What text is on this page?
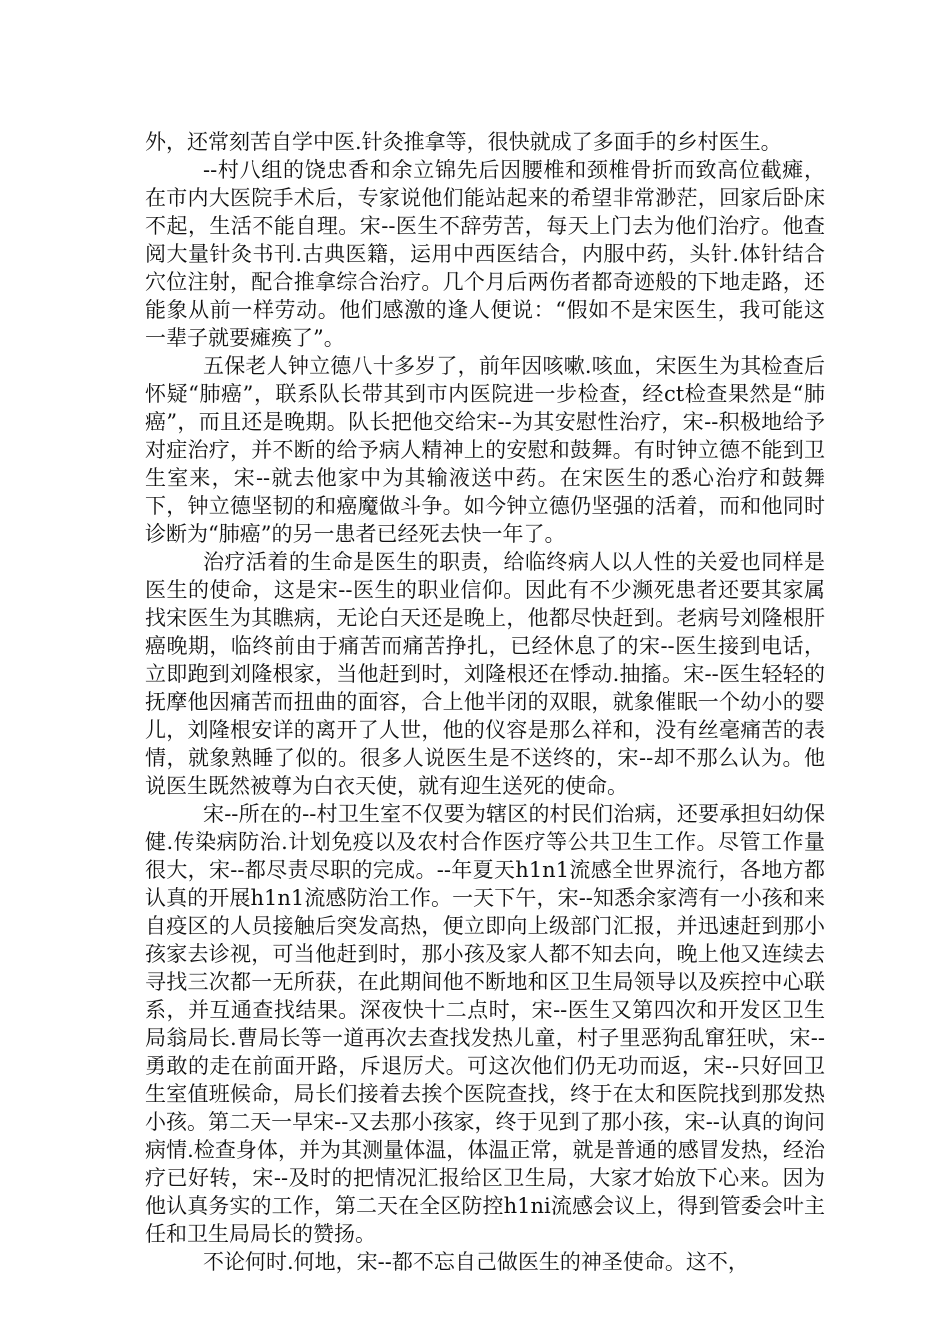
外，还常刻苦自学中医.针灸推拿等，很快就成了多面手的乡村医生。

--村八组的饶忠香和余立锦先后因腰椎和颈椎骨折而致高位截瘫，在市内大医院手术后，专家说他们能站起来的希望非常渺茫，回家后卧床不起，生活不能自理。宋--医生不辞劳苦，每天上门去为他们治疗。他查阅大量针灸书刊.古典医籍，运用中西医结合，内服中药，头针.体针结合穴位注射，配合推拿综合治疗。几个月后两伤者都奇迹般的下地走路，还能象从前一样劳动。他们感激的逢人便说：“假如不是宋医生，我可能这一辈子就要瘫痪了”。

五保老人钟立德八十多岁了，前年因咳嗽.咳血，宋医生为其检查后怀疑“肺癌”，联系队长带其到市内医院进一步检查，经ct检查果然是“肺癌”，而且还是晚期。队长把他交给宋--为其安慰性治疗，宋--积极地给予对症治疗，并不断的给予病人精神上的安慰和鼓舞。有时钟立德不能到卫生室来，宋--就去他家中为其输液送中药。在宋医生的悉心治疗和鼓舞下，钟立德坚韧的和癌魔做斗争。如今钟立德仍坚强的活着，而和他同时诊断为“肺癌”的另一患者已经死去快一年了。

治疗活着的生命是医生的职责，给临终病人以人性的关爱也同样是医生的使命，这是宋--医生的职业信仰。因此有不少濒死患者还要其家属找宋医生为其瞧病，无论白天还是晚上，他都尽快赶到。老病号刘隆根肝癌晚期，临终前由于痛苦而痛苦挣扎，已经休息了的宋--医生接到电话，立即跑到刘隆根家，当他赶到时，刘隆根还在悸动.抽搐。宋--医生轻轻的抚摩他因痛苦而扭曲的面容，合上他半闭的双眼，就象催眠一个幼小的婴儿，刘隆根安详的离开了人世，他的仪容是那么祥和，没有丝毫痛苦的表情，就象熟睡了似的。很多人说医生是不送终的，宋--却不那么认为。他说医生既然被尊为白衣天使，就有迎生送死的使命。

宋--所在的--村卫生室不仅要为辖区的村民们治病，还要承担妇幼保健.传染病防治.计划免疫以及农村合作医疗等公共卫生工作。尽管工作量很大，宋--都尽责尽职的完成。--年夏天h1n1流感全世界流行，各地方都认真的开展h1n1流感防治工作。一天下午，宋--知悉余家湾有一小孩和来自疫区的人员接触后突发高热，便立即向上级部门汇报，并迅速赶到那小孩家去诊视，可当他赶到时，那小孩及家人都不知去向，晚上他又连续去寻找三次都一无所获，在此期间他不断地和区卫生局领导以及疾控中心联系，并互通查找结果。深夜快十二点时，宋--医生又第四次和开发区卫生局翁局长.曹局长等一道再次去查找发热儿童，村子里恶狗乱窜狂吠，宋--勇敢的走在前面开路，斥退厉犬。可这次他们仍无功而返，宋--只好回卫生室值班候命，局长们接着去挨个医院查找，终于在太和医院找到那发热小孩。第二天一早宋--又去那小孩家，终于见到了那小孩，宋--认真的询问病情.检查身体，并为其测量体温，体温正常，就是普通的感冒发热，经治疗已好转，宋--及时的把情况汇报给区卫生局，大家才始放下心来。因为他认真务实的工作，第二天在全区防控h1ni流感会议上，得到管委会叶主任和卫生局局长的赞扬。

不论何时.何地，宋--都不忘自己做医生的神圣使命。这不，
